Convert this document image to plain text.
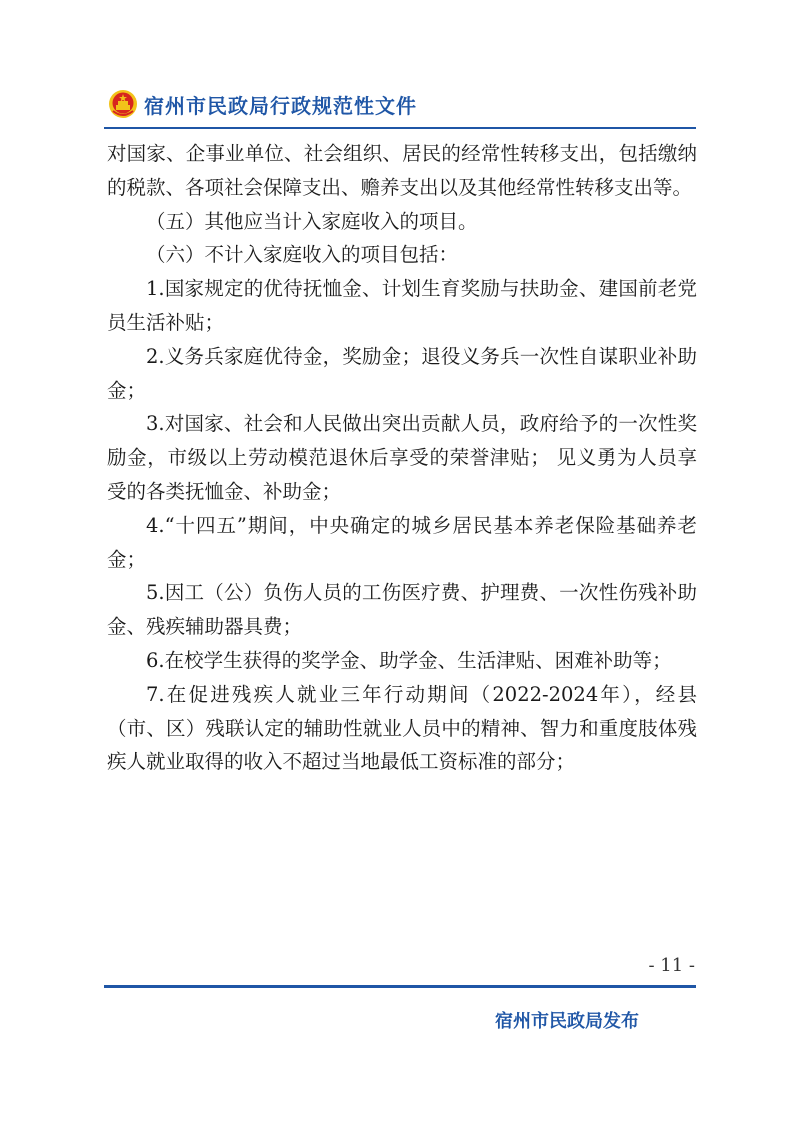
宿州市民政局行政规范性文件

对国家、企事业单位、社会组织、居民的经常性转移支出，包括缴纳的税款、各项社会保障支出、赡养支出以及其他经常性转移支出等。

（五）其他应当计入家庭收入的项目。

（六）不计入家庭收入的项目包括：

1.国家规定的优待抚恤金、计划生育奖励与扶助金、建国前老党员生活补贴；

2.义务兵家庭优待金，奖励金；退役义务兵一次性自谋职业补助金；

3.对国家、社会和人民做出突出贡献人员，政府给予的一次性奖励金，市级以上劳动模范退休后享受的荣誉津贴； 见义勇为人员享受的各类抚恤金、补助金；

4.“十四五”期间，中央确定的城乡居民基本养老保险基础养老金；

5.因工（公）负伤人员的工伤医疗费、护理费、一次性伤残补助金、残疾辅助器具费；

6.在校学生获得的奖学金、助学金、生活津贴、困难补助等；

7.在促进残疾人就业三年行动期间（2022-2024年），经县（市、区）残联认定的辅助性就业人员中的精神、智力和重度肢体残疾人就业取得的收入不超过当地最低工资标准的部分；

- 11 -
宿州市民政局发布
